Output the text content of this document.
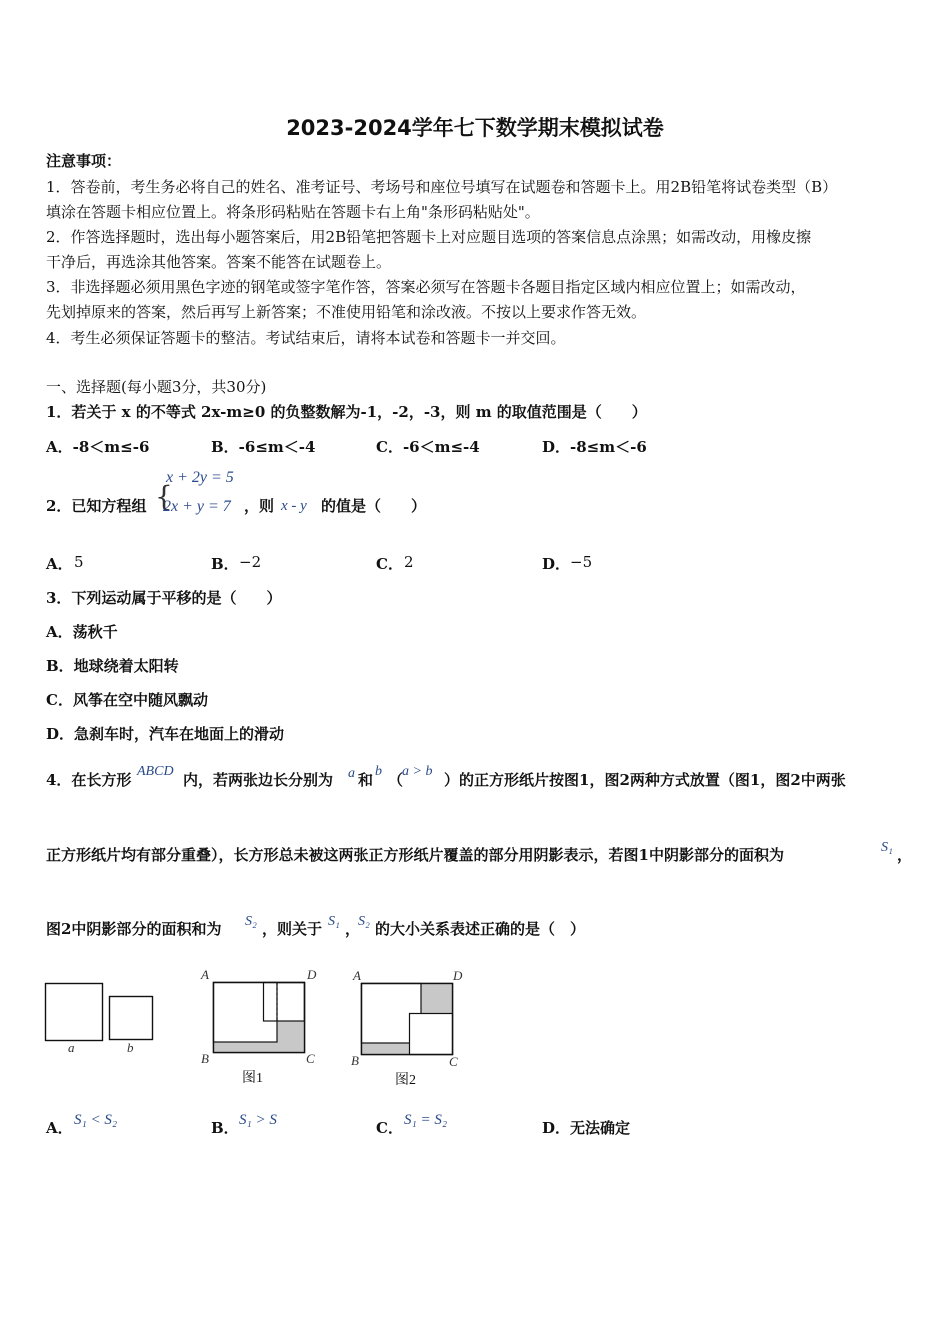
2023-2024学年七下数学期末模拟试卷
注意事项：
1．答卷前，考生务必将自己的姓名、准考证号、考场号和座位号填写在试题卷和答题卡上。用2B铅笔将试卷类型（B）
填涂在答题卡相应位置上。将条形码粘贴在答题卡右上角"条形码粘贴处"。
2．作答选择题时，选出每小题答案后，用2B铅笔把答题卡上对应题目选项的答案信息点涂黑；如需改动，用橡皮擦
干净后，再选涂其他答案。答案不能答在试题卷上。
3．非选择题必须用黑色字迹的钢笔或签字笔作答，答案必须写在答题卡各题目指定区域内相应位置上；如需改动，
先划掉原来的答案，然后再写上新答案；不准使用铅笔和涂改液。不按以上要求作答无效。
4．考生必须保证答题卡的整洁。考试结束后，请将本试卷和答题卡一并交回。
一、选择题(每小题3分，共30分)
1．若关于 x 的不等式 2x-m≥0 的负整数解为-1，-2，-3，则 m 的取值范围是（　　）
A．-8＜m≤-6	B．-6≤m＜-4	C．-6＜m≤-4	D．-8≤m＜-6
2．已知方程组 {
x + 2y = 5
2x + y = 7 ，则 x - y 的值是（　　）
A． 5	B． −2	C． 2	D． −5
3．下列运动属于平移的是（　　）
A．荡秋千
B．地球绕着太阳转
C．风筝在空中随风飘动
D．急刹车时，汽车在地面上的滑动
4．在长方形 ABCD 内，若两张边长分别为 a 和 b （
a > b ）的正方形纸片按图1，图2两种方式放置（图1，图2中两张
正方形纸片均有部分重叠），长方形总未被这两张正方形纸片覆盖的部分用阴影表示，若图1中阴影部分的面积为	S₁ ，
图2中阴影部分的面积和为 S₂ ，则关于 S₁ ，
S₂ 的大小关系表述正确的是（　）
a	b
A	D
B	C
图1
A	D
B	C
图2
A． S₁ < S₂	B． S₁ > S	C． S₁ = S₂	D． 无法确定
